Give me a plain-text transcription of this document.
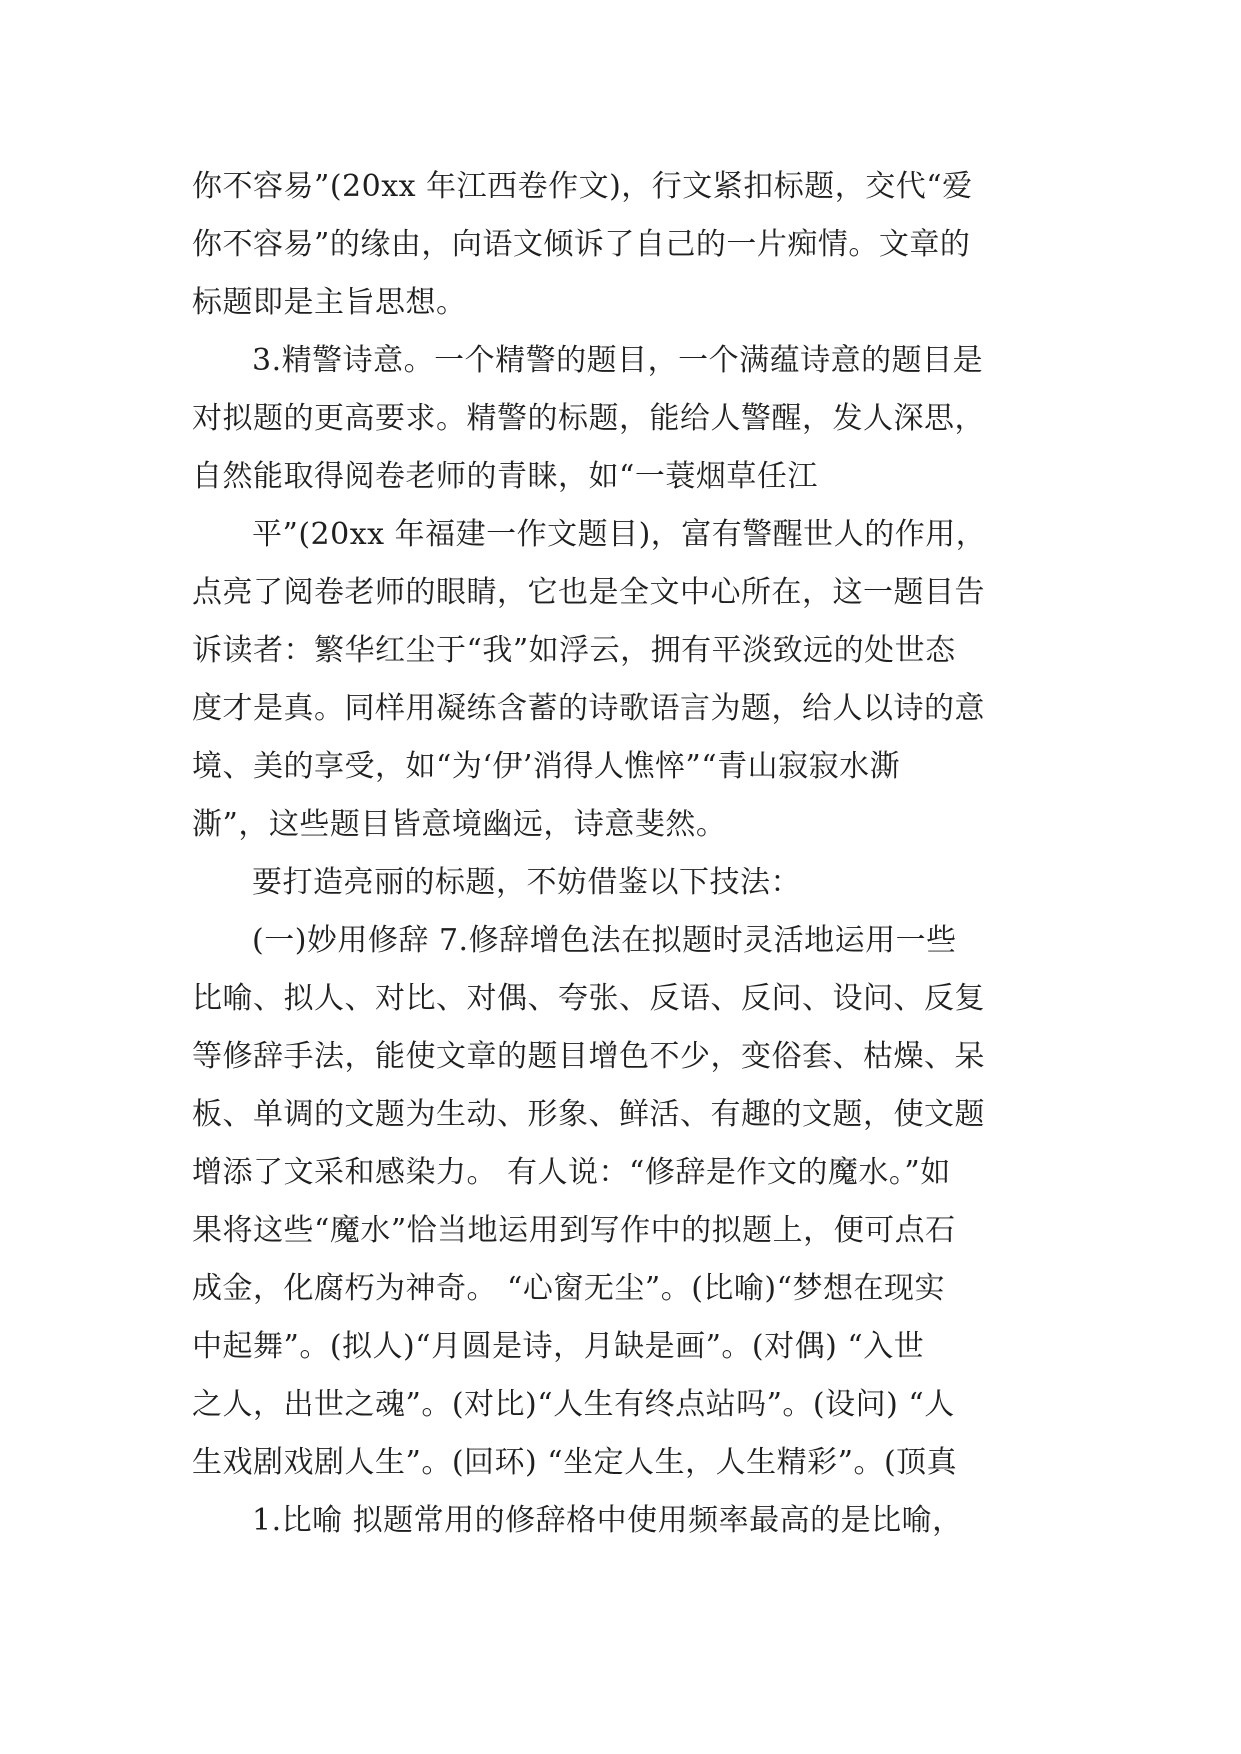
你不容易”(20xx 年江西卷作文)，行文紧扣标题，交代“爱
你不容易”的缘由，向语文倾诉了自己的一片痴情。文章的
标题即是主旨思想。
3.精警诗意。一个精警的题目，一个满蕴诗意的题目是
对拟题的更高要求。精警的标题，能给人警醒，发人深思，
自然能取得阅卷老师的青睐，如“一蓑烟草任江
平”(20xx 年福建一作文题目)，富有警醒世人的作用，
点亮了阅卷老师的眼睛，它也是全文中心所在，这一题目告
诉读者：繁华红尘于“我”如浮云，拥有平淡致远的处世态
度才是真。同样用凝练含蓄的诗歌语言为题，给人以诗的意
境、美的享受，如“为‘伊’消得人憔悴”“青山寂寂水澌
澌”，这些题目皆意境幽远，诗意斐然。
要打造亮丽的标题，不妨借鉴以下技法：
(一)妙用修辞 7.修辞增色法在拟题时灵活地运用一些
比喻、拟人、对比、对偶、夸张、反语、反问、设问、反复
等修辞手法，能使文章的题目增色不少，变俗套、枯燥、呆
板、单调的文题为生动、形象、鲜活、有趣的文题，使文题
增添了文采和感染力。 有人说：“修辞是作文的魔水。”如
果将这些“魔水”恰当地运用到写作中的拟题上，便可点石
成金，化腐朽为神奇。 “心窗无尘”。(比喻)“梦想在现实
中起舞”。(拟人)“月圆是诗，月缺是画”。(对偶) “入世
之人，出世之魂”。(对比)“人生有终点站吗”。(设问) “人
生戏剧戏剧人生”。(回环) “坐定人生，人生精彩”。(顶真
1.比喻 拟题常用的修辞格中使用频率最高的是比喻，
